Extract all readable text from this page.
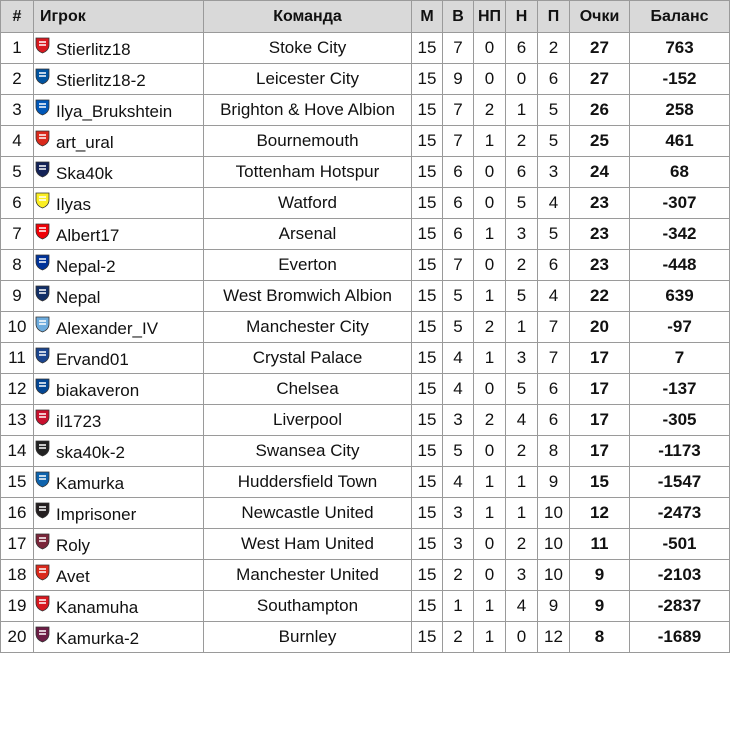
#	Игрок	Команда	М	В	НП	Н	П	Очки	Баланс
1	Stierlitz18	Stoke City	15	7	0	6	2	27	763
2	Stierlitz18-2	Leicester City	15	9	0	0	6	27	-152
3	Ilya_Brukshtein	Brighton & Hove Albion	15	7	2	1	5	26	258
4	art_ural	Bournemouth	15	7	1	2	5	25	461
5	Ska40k	Tottenham Hotspur	15	6	0	6	3	24	68
6	Ilyas	Watford	15	6	0	5	4	23	-307
7	Albert17	Arsenal	15	6	1	3	5	23	-342
8	Nepal-2	Everton	15	7	0	2	6	23	-448
9	Nepal	West Bromwich Albion	15	5	1	5	4	22	639
10	Alexander_IV	Manchester City	15	5	2	1	7	20	-97
11	Ervand01	Crystal Palace	15	4	1	3	7	17	7
12	biakaveron	Chelsea	15	4	0	5	6	17	-137
13	il1723	Liverpool	15	3	2	4	6	17	-305
14	ska40k-2	Swansea City	15	5	0	2	8	17	-1173
15	Kamurka	Huddersfield Town	15	4	1	1	9	15	-1547
16	Imprisoner	Newcastle United	15	3	1	1	10	12	-2473
17	Roly	West Ham United	15	3	0	2	10	11	-501
18	Avet	Manchester United	15	2	0	3	10	9	-2103
19	Kanamuha	Southampton	15	1	1	4	9	9	-2837
20	Kamurka-2	Burnley	15	2	1	0	12	8	-1689
